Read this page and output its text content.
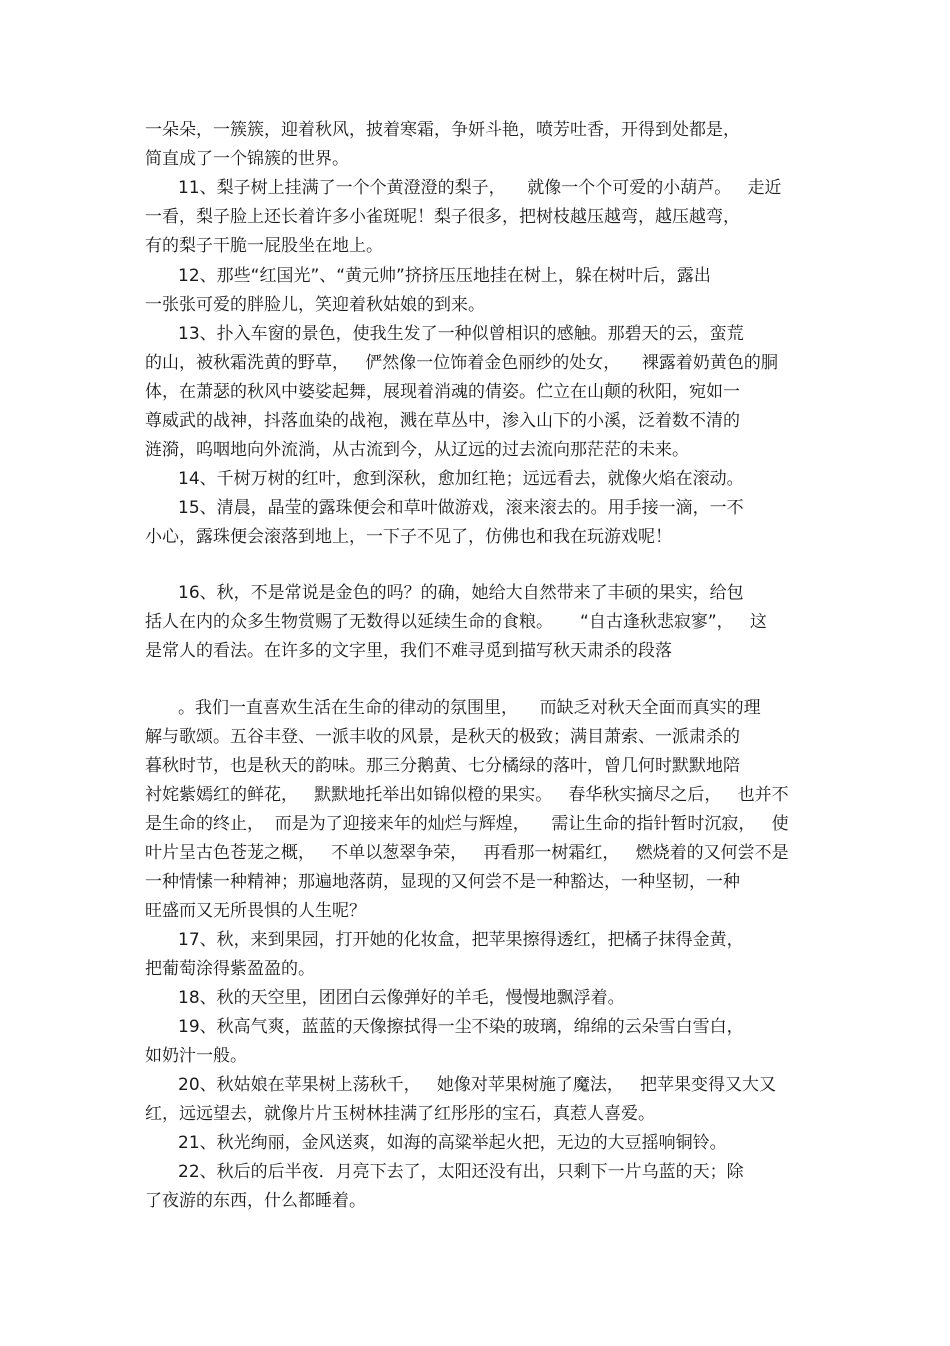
一朵朵，一簇簇，迎着秋风，披着寒霜，争妍斗艳，喷芳吐香，开得到处都是，
简直成了一个锦簇的世界。
11、梨子树上挂满了一个个黄澄澄的梨子，    就像一个个可爱的小葫芦。   走近
一看，梨子脸上还长着许多小雀斑呢！梨子很多，把树枝越压越弯，越压越弯，
有的梨子干脆一屁股坐在地上。
12、那些“红国光”、“黄元帅”挤挤压压地挂在树上，躲在树叶后，露出
一张张可爱的胖脸儿，笑迎着秋姑娘的到来。
13、扑入车窗的景色，使我生发了一种似曾相识的感触。那碧天的云，蛮荒
的山，被秋霜洗黄的野草，   俨然像一位饰着金色丽纱的处女，    裸露着奶黄色的胴
体，在萧瑟的秋风中婆娑起舞，展现着消魂的倩姿。伫立在山颠的秋阳，宛如一
尊威武的战神，抖落血染的战袍，溅在草丛中，渗入山下的小溪，泛着数不清的
涟漪，呜咽地向外流淌，从古流到今，从辽远的过去流向那茫茫的未来。
14、千树万树的红叶，愈到深秋，愈加红艳；远远看去，就像火焰在滚动。
15、清晨，晶莹的露珠便会和草叶做游戏，滚来滚去的。用手接一滴，一不
小心，露珠便会滚落到地上，一下子不见了，仿佛也和我在玩游戏呢！
16、秋，不是常说是金色的吗？的确，她给大自然带来了丰硕的果实，给包
括人在内的众多生物赏赐了无数得以延续生命的食粮。     “自古逢秋悲寂寥”，   这
是常人的看法。在许多的文字里，我们不难寻觅到描写秋天肃杀的段落
。我们一直喜欢生活在生命的律动的氛围里，    而缺乏对秋天全面而真实的理
解与歌颂。五谷丰登、一派丰收的风景，是秋天的极致；满目萧索、一派肃杀的
暮秋时节，也是秋天的韵味。那三分鹅黄、七分橘绿的落叶，曾几何时默默地陪
衬姹紫嫣红的鲜花，   默默地托举出如锦似橙的果实。   春华秋实摘尽之后，   也并不
是生命的终止，  而是为了迎接来年的灿烂与辉煌，    需让生命的指针暂时沉寂，   使
叶片呈古色苍茏之概，   不单以葱翠争荣，   再看那一树霜红，   燃烧着的又何尝不是
一种情愫一种精神；那遍地落荫，显现的又何尝不是一种豁达，一种坚韧，一种
旺盛而又无所畏惧的人生呢？
17、秋，来到果园，打开她的化妆盒，把苹果擦得透红，把橘子抹得金黄，
把葡萄涂得紫盈盈的。
18、秋的天空里，团团白云像弹好的羊毛，慢慢地飘浮着。
19、秋高气爽，蓝蓝的天像擦拭得一尘不染的玻璃，绵绵的云朵雪白雪白，
如奶汁一般。
20、秋姑娘在苹果树上荡秋千，   她像对苹果树施了魔法，   把苹果变得又大又
红，远远望去，就像片片玉树林挂满了红彤彤的宝石，真惹人喜爱。
21、秋光绚丽，金风送爽，如海的高粱举起火把，无边的大豆摇响铜铃。
22、秋后的后半夜．月亮下去了，太阳还没有出，只剩下一片乌蓝的天；除
了夜游的东西，什么都睡着。
